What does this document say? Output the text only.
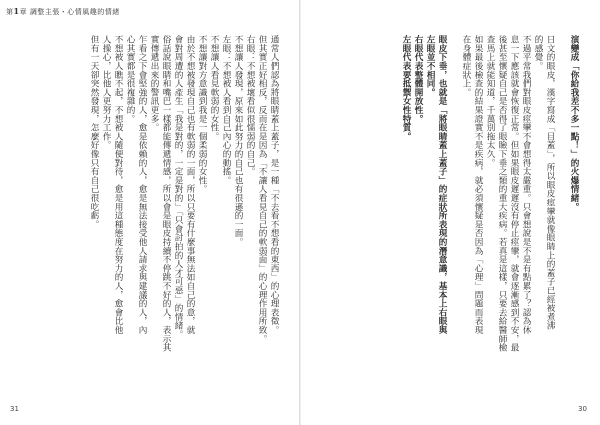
第1章 調整主張・心情風趣的情緒
通常人們認為將眼睛蓋上蓋子，是一種「不去看不想看的東西」的心理表徵。
但其實正好相反，反而在是因為「不讓人看見自己的軟弱面」的心理作用所致。
右眼：不想被壞看似很懦弱的自己。
不想讓人發現，原來如此努力的自己也有很遜的一面。
左眼：不想被人看到自己內心的動搖。
不想讓人看見軟弱的女性。
不想讓對方意識到我是一個柔弱的女性。
由於不想被發現自己也有軟弱的一面，所以只要有什麼事無法如自己的意，就
會對周遭的人產生「我是對的，一定是對的」「只會討拍的人才可惡」的情緒。
俗話說眼睛和嘴巴一樣都能傳遞情感，所以會是眼皮持續不停跳不好的人，表示其
實傳遞出來的警訊更多。
乍看之下會堅強的人，愈是依賴的人，愈是無法接受他人請求與建議的人，內
心其實都是很複雜的。
不想被人瞧不起，不想被人隨便對待，愈是用這種態度在努力的人，愈會比他
人操心，比他人更努力工作。
但有一天卻突然發現，怎麼好像只有自己很吃虧。	演變成「你給我差不多一點！」的火爆情緒。
日文的眼皮，漢字寫成「目蓋」，所以眼皮痙攣就像眼睛上的蓋子已經被煮沸
的感覺。
不過平常我們對眼皮痙攣不會想得太嚴重。只會想說是不是有點累了？認為休
息一下應該就會恢復正常。但如果眼皮遲遲沒有停止痙攣，就會逐漸感到不安，最
後甚至懷疑自己是否得了眼瞼下垂之類的重大疾病。若真是這樣，只要去給醫師檢
查馬上就能知道，千萬別拖太久。
如果最後檢查的結果證實不是疾病，就必須懷疑是否因為「心理」問題而表現
在身體症狀上。
眼皮下垂，也就是「將眼睛蓋上蓋子」的症狀所表現的潛意識，基本上右眼與
左眼並不相同。
右眼代表整體開放性。
左眼代表要抵禦女性特質。
31	30
